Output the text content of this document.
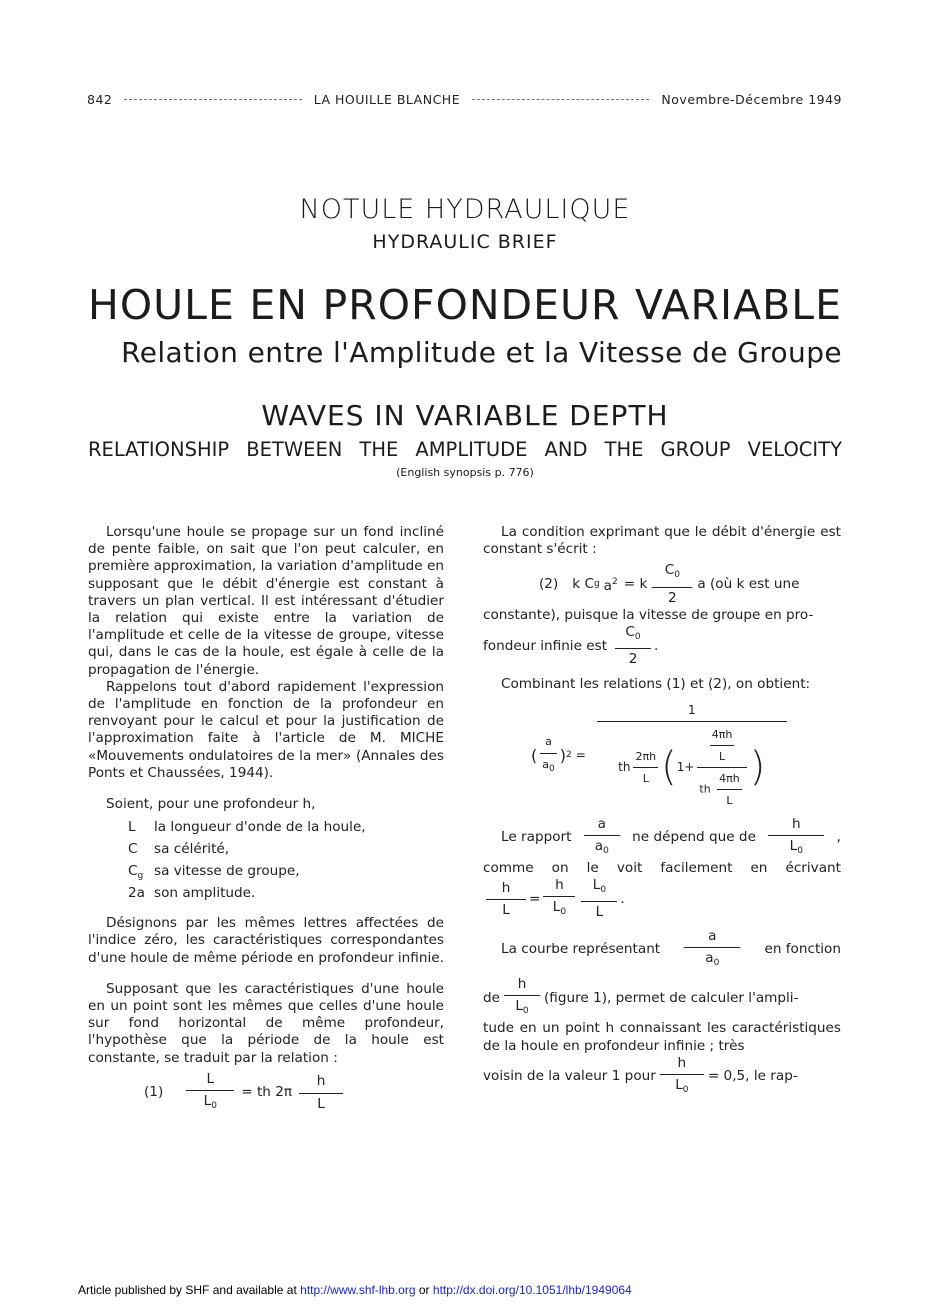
842	LA HOUILLE BLANCHE	Novembre-Décembre 1949
NOTULE HYDRAULIQUE
HYDRAULIC BRIEF
HOULE EN PROFONDEUR VARIABLE
Relation entre l'Amplitude et la Vitesse de Groupe
WAVES IN VARIABLE DEPTH
RELATIONSHIP BETWEEN THE AMPLITUDE AND THE GROUP VELOCITY
(English synopsis p. 776)

Lorsqu'une houle se propage sur un fond incliné de pente faible, on sait que l'on peut calculer, en première approximation, la variation d'amplitude en supposant que le débit d'énergie est constant à travers un plan vertical. Il est intéressant d'étudier la relation qui existe entre la variation de l'amplitude et celle de la vitesse de groupe, vitesse qui, dans le cas de la houle, est égale à celle de la propagation de l'énergie.

Rappelons tout d'abord rapidement l'expression de l'amplitude en fonction de la profondeur en renvoyant pour le calcul et pour la justification de l'approximation faite à l'article de M. MICHE «Mouvements ondulatoires de la mer» (Annales des Ponts et Chaussées, 1944).

Soient, pour une profondeur h,

L la longueur d'onde de la houle,
C sa célérité,
$C_g$ sa vitesse de groupe,
2a son amplitude.

Désignons par les mêmes lettres affectées de l'indice zéro, les caractéristiques correspondantes d'une houle de même période en profondeur infinie.

Supposant que les caractéristiques d'une houle en un point sont les mêmes que celles d'une houle sur fond horizontal de même profondeur, l'hypothèse que la période de la houle est constante, se traduit par la relation :

$(1) \frac{L}{L_0}$ = th $2\pi \frac{h}{L}$

La condition exprimant que le débit d'énergie est constant s'écrit :

(2) k C g $a^2 = k \frac{C_0}{2}$ a (où k est une

constante), puisque la vitesse de groupe en pro-

fondeur infinie est $\frac{C_0}{2}$ .

Combinant les relations (1) et (2), on obtient:

( $\frac{a}{a_0}$ ) $2 = \frac{1}{th \frac{2\pi h}{L} ( 1+ \frac{\frac{4\pi h}{L}}{th \frac{4\pi h}{L}} )}$
Le rapport $\frac{a}{a_0}$ ne dépend que de $\frac{h}{L_0}$ ,

comme on le voit facilement en écrivant

$\frac{h}{L} = \frac{h}{L_0} \frac{L_0}{L}$ .
La courbe représentant $\frac{a}{a_0}$ en fonction
de $\frac{h}{L_0}$ (figure 1), permet de calculer l'ampli-

tude en un point h connaissant les caractéristiques de la houle en profondeur infinie ; très

voisin de la valeur 1 pour $\frac{h}{L_0} = 0,5$, le rap-
Article published by SHF and available at http://www.shf-lhb.org or http://dx.doi.org/10.1051/lhb/1949064
